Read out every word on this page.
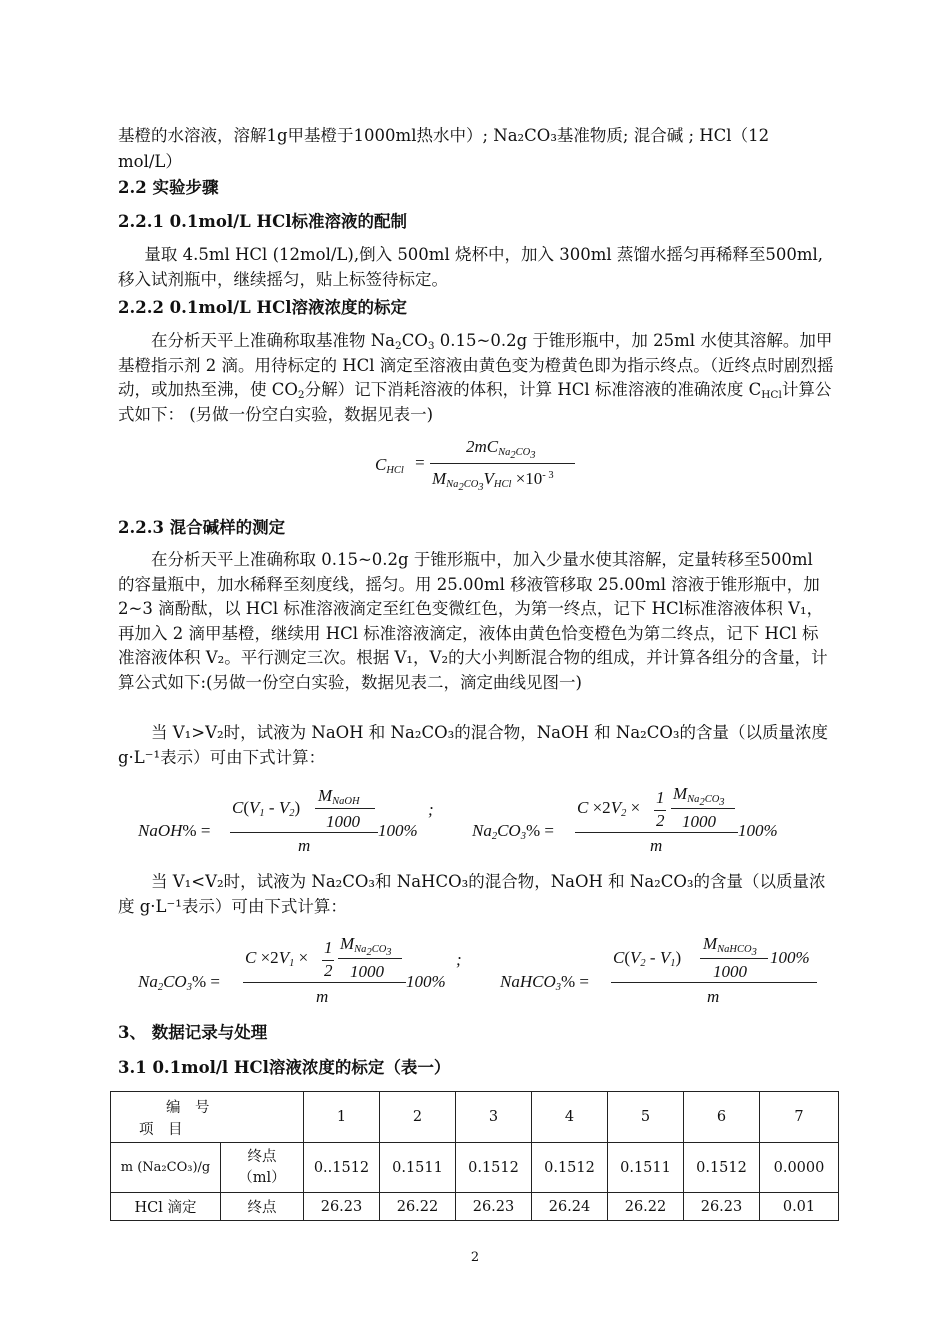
基橙的水溶液，溶解1g甲基橙于1000ml热水中）; Na₂CO₃基准物质; 混合碱 ; HCl（12
mol/L）
2.2 实验步骤
2.2.1 0.1mol/L HCl标准溶液的配制
量取 4.5ml HCl (12mol/L),倒入 500ml 烧杯中，加入 300ml 蒸馏水摇匀再稀释至500ml,移入试剂瓶中，继续摇匀，贴上标签待标定。
2.2.2 0.1mol/L HCl溶液浓度的标定
在分析天平上准确称取基准物 $Na_2CO_3$ 0.15~0.2g 于锥形瓶中，加 25ml 水使其溶解。加甲基橙指示剂 2 滴。用待标定的 HCl 滴定至溶液由黄色变为橙黄色即为指示终点。（近终点时剧烈摇动，或加热至沸，使 $CO_2$分解）记下消耗溶液的体积，计算 HCl 标准溶液的准确浓度 $C_{HCl}$计算公式如下： (另做一份空白实验，数据见表一)
$C_{HCl}$ =
$2mC_{Na_2CO_3}$
$M_{Na_2CO_3}V_{HCl} \times 10^{- 3}$
2.2.3 混合碱样的测定
在分析天平上准确称取 0.15~0.2g 于锥形瓶中，加入少量水使其溶解，定量转移至500ml 的容量瓶中，加水稀释至刻度线，摇匀。用 25.00ml 移液管移取 25.00ml 溶液于锥形瓶中，加 2~3 滴酚酞，以 HCl 标准溶液滴定至红色变微红色，为第一终点，记下 HCl标准溶液体积 V₁，再加入 2 滴甲基橙，继续用 HCl 标准溶液滴定，液体由黄色恰变橙色为第二终点，记下 HCl 标准溶液体积 V₂。平行测定三次。根据 V₁，V₂的大小判断混合物的组成，并计算各组分的含量，计算公式如下:(另做一份空白实验，数据见表二，滴定曲线见图一)
当 V₁>V₂时，试液为 NaOH 和 Na₂CO₃的混合物，NaOH 和 Na₂CO₃的含量（以质量浓度 g·L⁻¹表示）可由下式计算：
NaOH% =
$C(V_1 - V_2)$
$M_{NaOH}$
1000 100%
m
;
$Na_2CO_3\%$ =
$C \times 2V_2$ ×
1
2
$M_{Na_2CO_3}$
1000 100%
m
当 V₁<V₂时，试液为 Na₂CO₃和 NaHCO₃的混合物，NaOH 和 Na₂CO₃的含量（以质量浓度 g·L⁻¹表示）可由下式计算：
$Na_2CO_3\%$ =
$C \times 2V_1$ ×
1
2
$M_{Na_2CO_3}$
1000
100%
m
;
NaHCO$_3$% =
$C(V_2 - V_1)$
$M_{NaHCO_3}$
1000
100%
m
3、 数据记录与处理
3.1 0.1mol/l HCl溶液浓度的标定（表一）
编　号
项　目		1	2	3	4	5	6	7
m (Na₂CO₃)/g	终点（ml）	0..1512	0.1511	0.1512	0.1512	0.1511	0.1512	0.0000
HCl 滴定	终点	26.23	26.22	26.23	26.24	26.22	26.23	0.01
2
